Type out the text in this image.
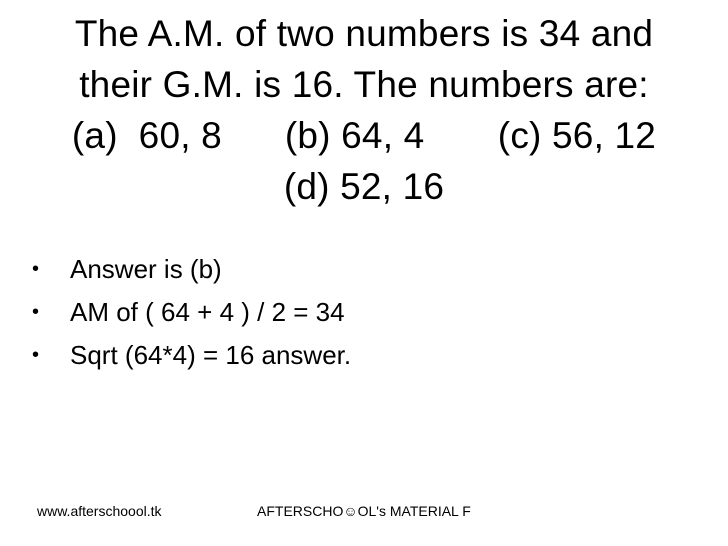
The A.M. of two numbers is 34 and
their G.M. is 16. The numbers are:
(a)  60, 8      (b) 64, 4       (c) 56, 12
(d) 52, 16
• Answer is (b)
• AM of ( 64 + 4 ) / 2 = 34
• Sqrt (64*4) = 16 answer.
www.afterschoool.tk	AFTERSCHO☺OL's MATERIAL F
